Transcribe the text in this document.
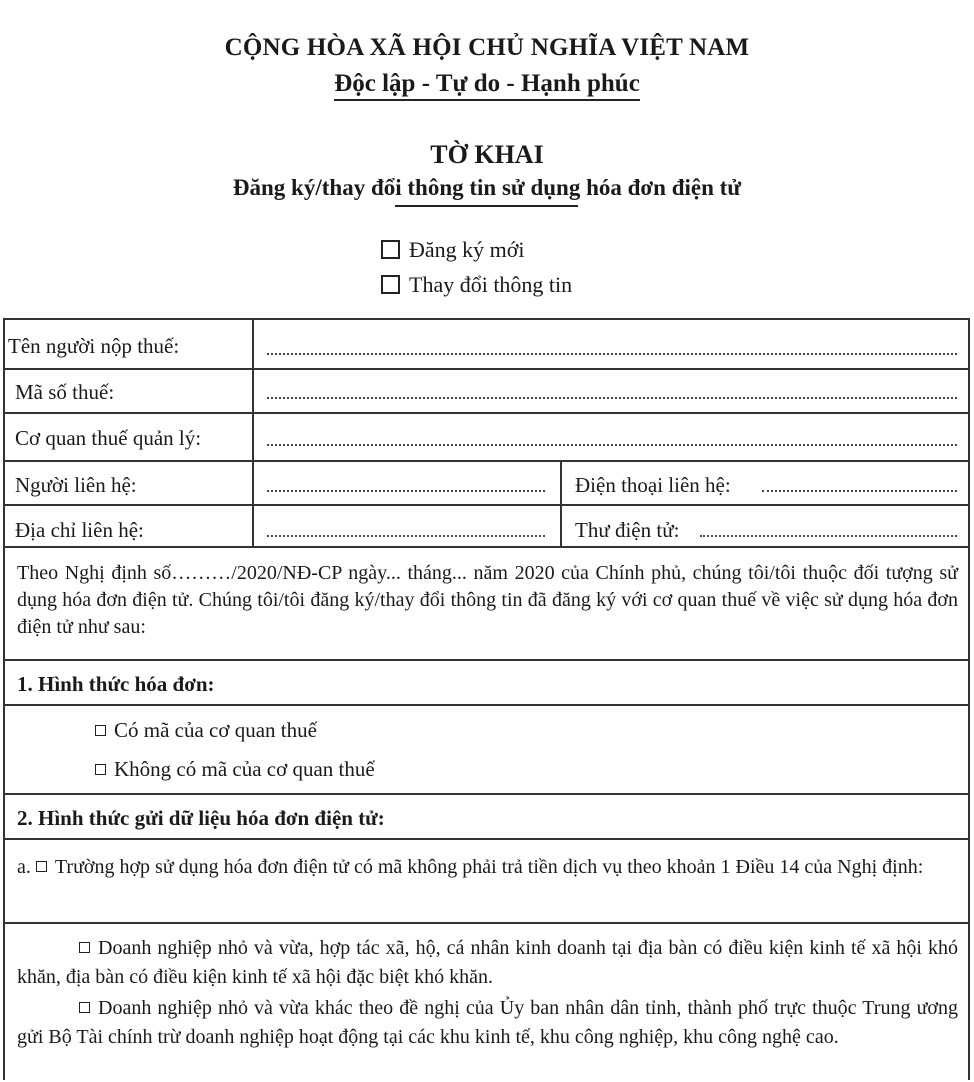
CỘNG HÒA XÃ HỘI CHỦ NGHĨA VIỆT NAM
Độc lập - Tự do - Hạnh phúc
TỜ KHAI
Đăng ký/thay đổi thông tin sử dụng hóa đơn điện tử
Đăng ký mới
Thay đổi thông tin
Tên người nộp thuế:
Mã số thuế:
Cơ quan thuế quản lý:
Người liên hệ:	Điện thoại liên hệ:
Địa chỉ liên hệ:	Thư điện tử:
Theo Nghị định số………/2020/NĐ-CP ngày... tháng... năm 2020 của Chính phủ, chúng tôi/tôi thuộc đối tượng sử dụng hóa đơn điện tử. Chúng tôi/tôi đăng ký/thay đổi thông tin đã đăng ký với cơ quan thuế về việc sử dụng hóa đơn điện tử như sau:
1. Hình thức hóa đơn:
Có mã của cơ quan thuế
Không có mã của cơ quan thuế
2. Hình thức gửi dữ liệu hóa đơn điện tử:
a. Trường hợp sử dụng hóa đơn điện tử có mã không phải trả tiền dịch vụ theo khoản 1 Điều 14 của Nghị định:
Doanh nghiệp nhỏ và vừa, hợp tác xã, hộ, cá nhân kinh doanh tại địa bàn có điều kiện kinh tế xã hội khó khăn, địa bàn có điều kiện kinh tế xã hội đặc biệt khó khăn.
Doanh nghiệp nhỏ và vừa khác theo đề nghị của Ủy ban nhân dân tỉnh, thành phố trực thuộc Trung ương gửi Bộ Tài chính trừ doanh nghiệp hoạt động tại các khu kinh tế, khu công nghiệp, khu công nghệ cao.
